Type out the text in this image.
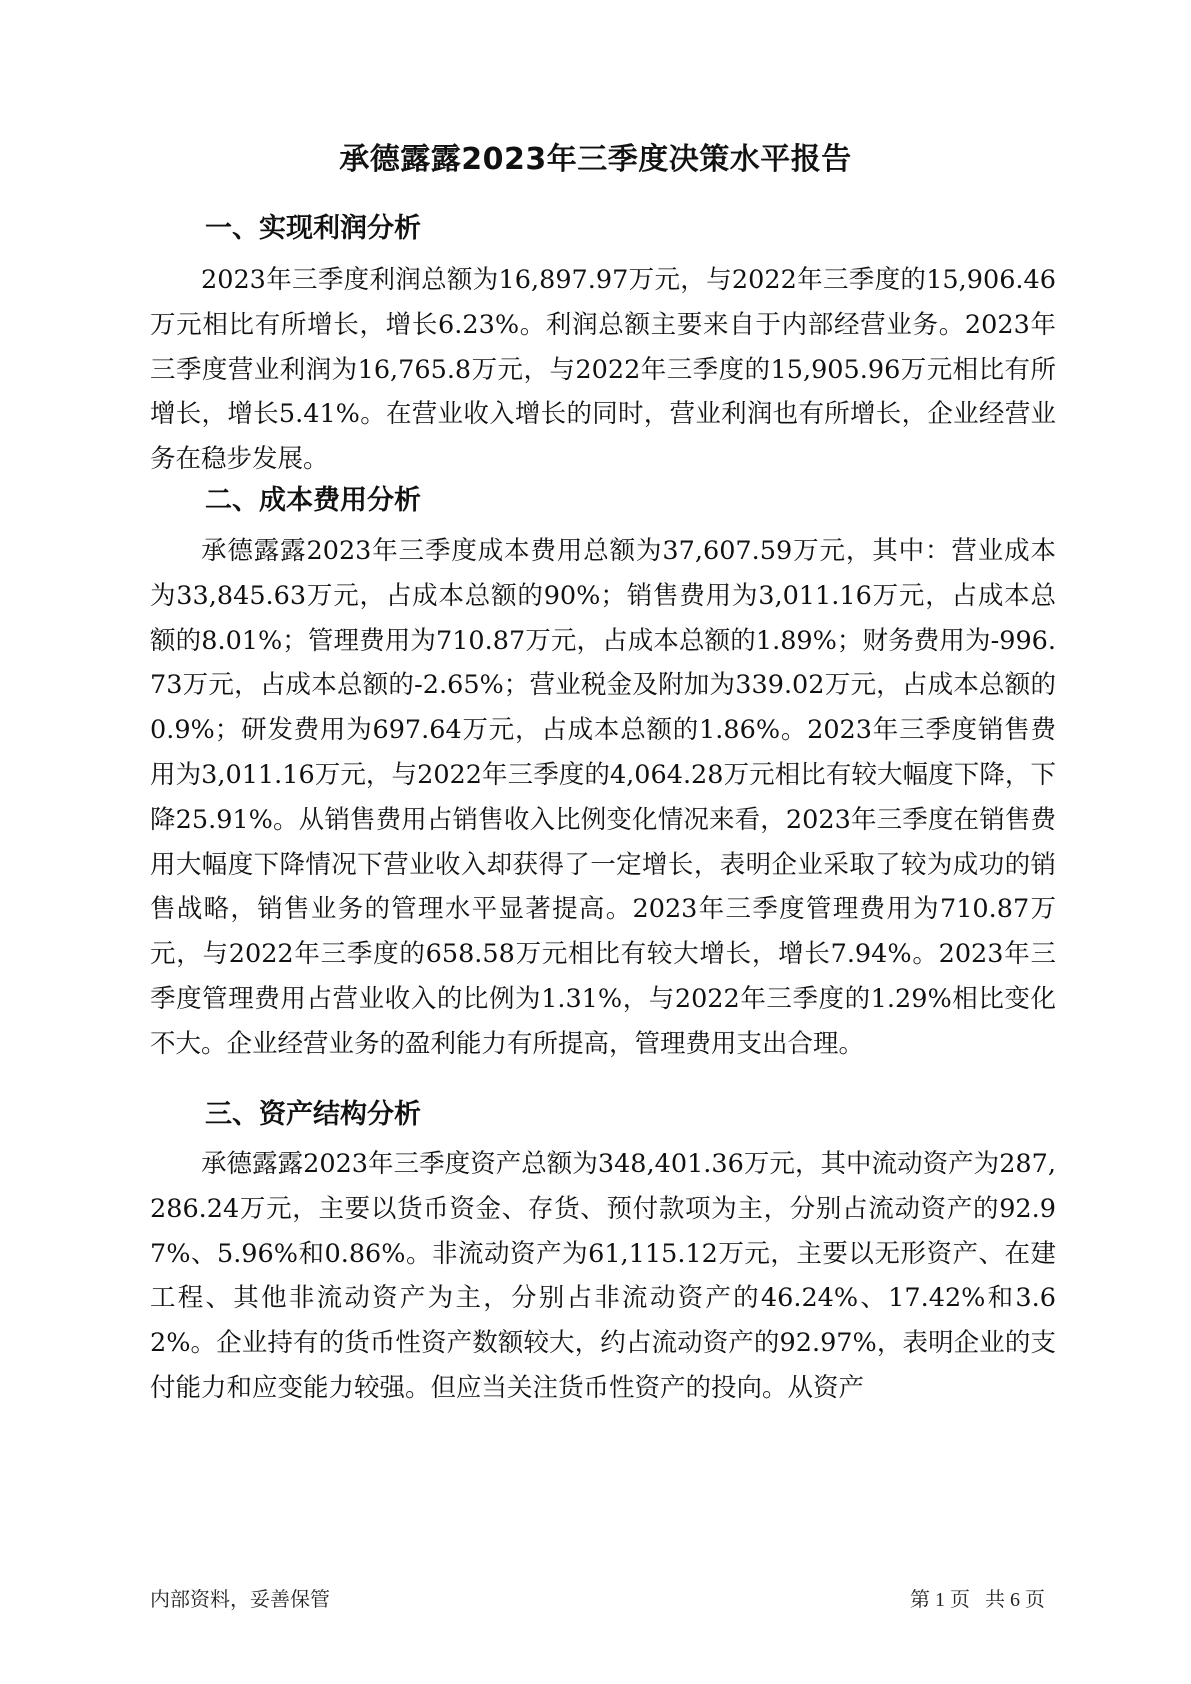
承德露露2023年三季度决策水平报告
一、实现利润分析

2023年三季度利润总额为16,897.97万元，与2022年三季度的15,906.46万元相比有所增长，增长6.23%。利润总额主要来自于内部经营业务。2023年三季度营业利润为16,765.8万元，与2022年三季度的15,905.96万元相比有所增长，增长5.41%。在营业收入增长的同时，营业利润也有所增长，企业经营业务在稳步发展。

二、成本费用分析

承德露露2023年三季度成本费用总额为37,607.59万元，其中：营业成本为33,845.63万元，占成本总额的90%；销售费用为3,011.16万元，占成本总额的8.01%；管理费用为710.87万元，占成本总额的1.89%；财务费用为-996.73万元，占成本总额的-2.65%；营业税金及附加为339.02万元，占成本总额的0.9%；研发费用为697.64万元，占成本总额的1.86%。2023年三季度销售费用为3,011.16万元，与2022年三季度的4,064.28万元相比有较大幅度下降，下降25.91%。从销售费用占销售收入比例变化情况来看，2023年三季度在销售费用大幅度下降情况下营业收入却获得了一定增长，表明企业采取了较为成功的销售战略，销售业务的管理水平显著提高。2023年三季度管理费用为710.87万元，与2022年三季度的658.58万元相比有较大增长，增长7.94%。2023年三季度管理费用占营业收入的比例为1.31%，与2022年三季度的1.29%相比变化不大。企业经营业务的盈利能力有所提高，管理费用支出合理。

三、资产结构分析

承德露露2023年三季度资产总额为348,401.36万元，其中流动资产为287,286.24万元，主要以货币资金、存货、预付款项为主，分别占流动资产的92.97%、5.96%和0.86%。非流动资产为61,115.12万元，主要以无形资产、在建工程、其他非流动资产为主，分别占非流动资产的46.24%、17.42%和3.62%。企业持有的货币性资产数额较大，约占流动资产的92.97%，表明企业的支付能力和应变能力较强。但应当关注货币性资产的投向。从资产

内部资料，妥善保管	第 1 页   共 6 页
